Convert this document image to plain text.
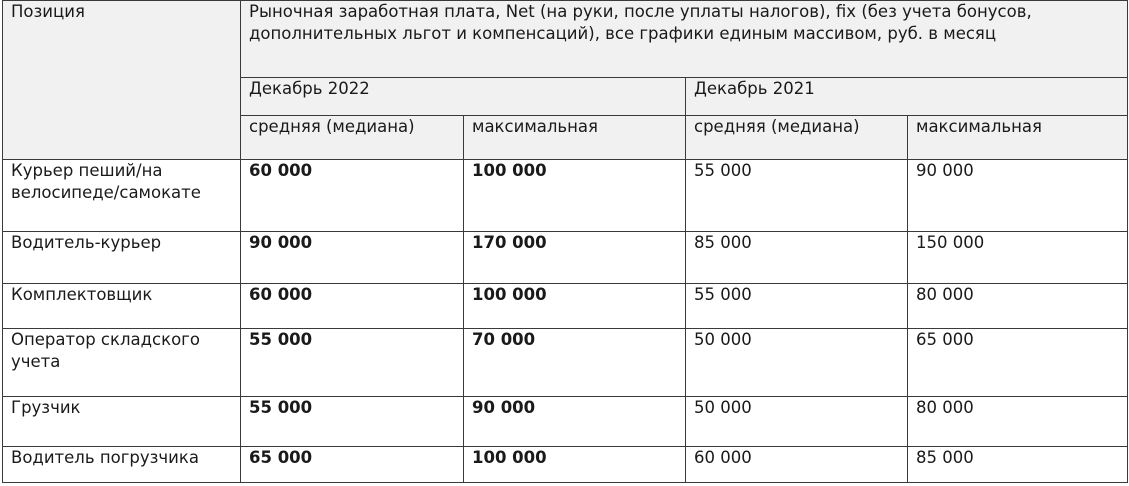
Позиция	Рыночная заработная плата, Net (на руки, после уплаты налогов), fix (без учета бонусов, дополнительных льгот и компенсаций), все графики единым массивом, руб. в месяц			
	Декабрь 2022		Декабрь 2021	
	средняя (медиана)	максимальная	средняя (медиана)	максимальная
Курьер пеший/на велосипеде/самокате	60 000	100 000	55 000	90 000
Водитель-курьер	90 000	170 000	85 000	150 000
Комплектовщик	60 000	100 000	55 000	80 000
Оператор складского учета	55 000	70 000	50 000	65 000
Грузчик	55 000	90 000	50 000	80 000
Водитель погрузчика	65 000	100 000	60 000	85 000
